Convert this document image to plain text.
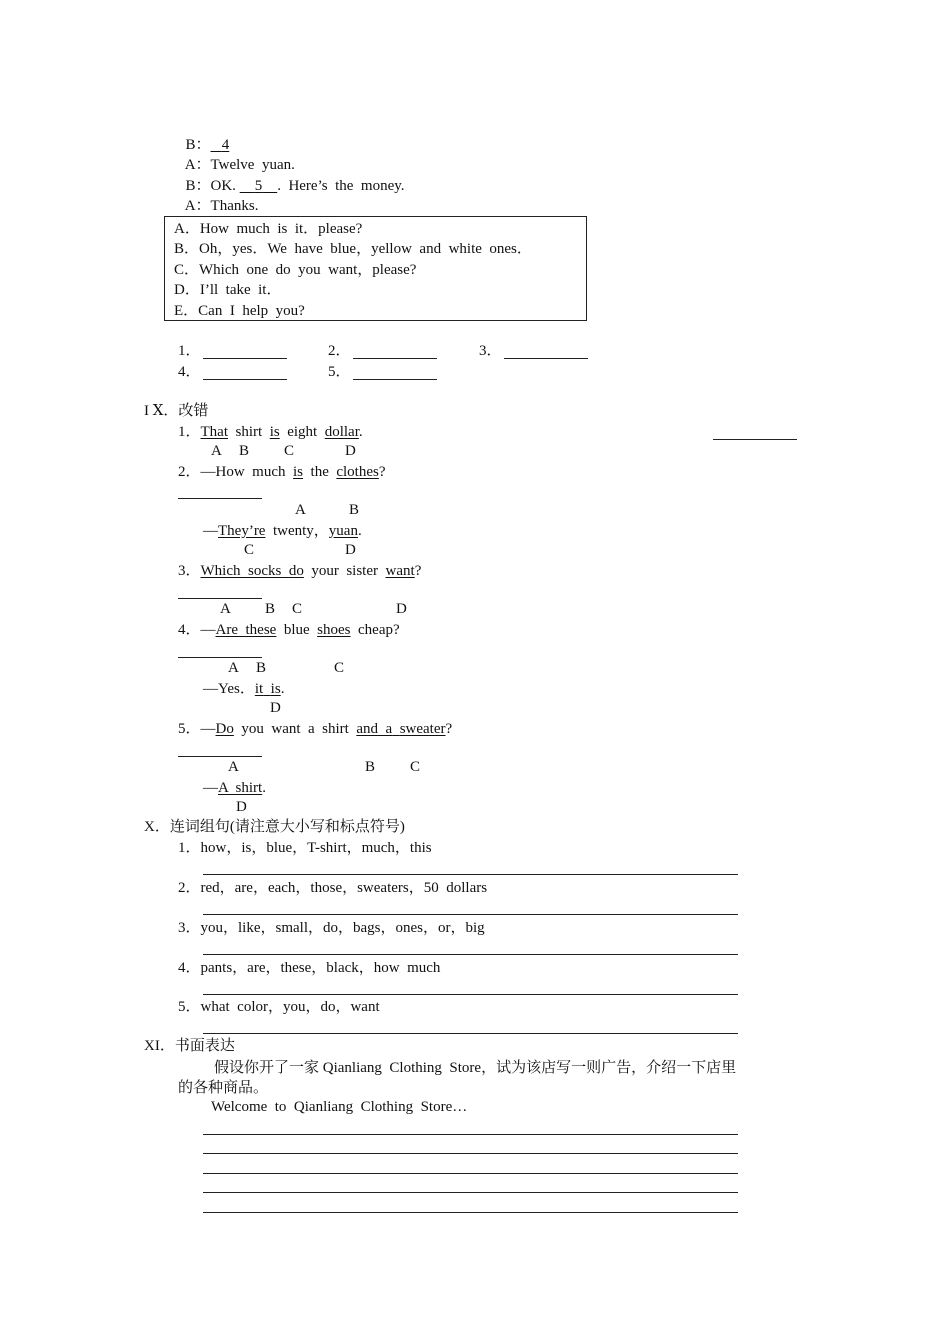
B： 4

A：Twelve  yuan.

B：OK. 5 .  Here’s  the  money.

A：Thanks.

A．How  much  is  it．please?
B．Oh，yes．We  have  blue，yellow  and  white  ones．
C．Which  one  do  you  want，please?
D．I’ll  take  it．
E．Can  I  help  you?
1．	2．	3．
4．	5．
I Ⅹ．改错
1．That shirt is eight dollar.
A B C	D
2．—How  much is the clothes?
A	B
—They’re twenty，yuan.
C	D
3．Which socks do your  sister want?
A B C	D
4．—Are these blue shoes cheap?
A B	C
—Yes．it is.
D
5．—Do you  want  a  shirt and a sweater?
A	B C
—A shirt.
D
X．连词组句(请注意大小写和标点符号)
1．how，is，blue，T-shirt，much，this
2．red，are，each，those，sweaters，50  dollars
3．you，like，small，do，bags，ones，or，big
4．pants，are，these，black，how  much
5．what  color，you，do，want
XI．书面表达
假设你开了一家 Qianliang  Clothing  Store，试为该店写一则广告，介绍一下店里
的各种商品。
Welcome  to  Qianliang  Clothing  Store…
